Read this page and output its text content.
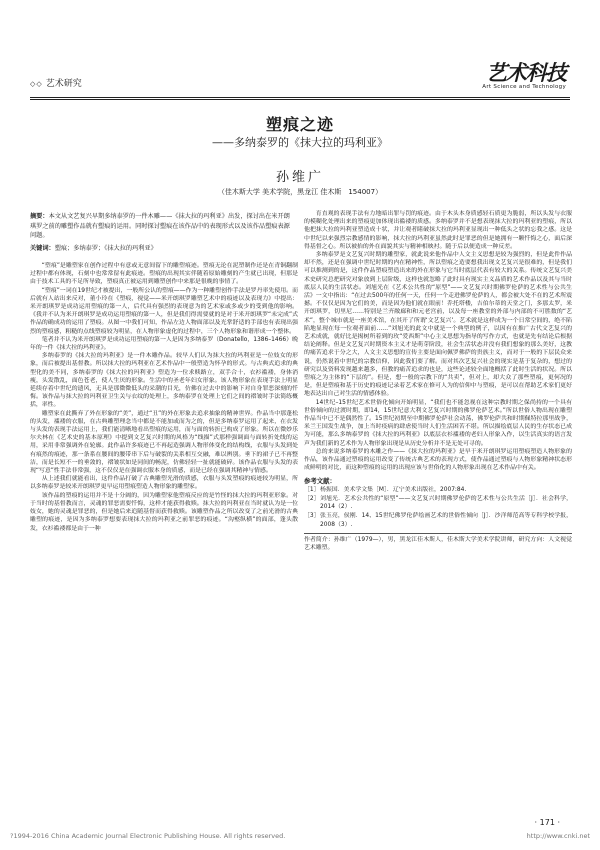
◇◇ 艺术研究	艺术科技
Art Science and Technology
塑痕之迹
——多纳泰罗的《抹大拉的玛利亚》
孙维广
（佳木斯大学 美术学院，黑龙江 佳木斯　154007）
摘要：本文从文艺复兴早期多纳泰罗的一件木雕——《抹大拉的玛利亚》出发，探讨出在米开朗琪罗之前的雕塑作品就有塑痕的运用。同时探讨塑痕在该作品中的表现形式以及该作品塑痕表源问题。
关键词：塑痕；多纳泰罗；《抹大拉的玛利亚》

“塑痕”是雕塑家在创作过程中有意或无意间留下的雕塑痕迹。塑痕无论在泥塑制作还是在青铜翻制过程中都有体现，石刻中也常常留有此痕迹。塑痕的出现其实伴随着原始雕刻的产生就已出现，但那是由于技术工具的不足所导致，塑痕真正被运用到雕塑创作中来那是很晚的事情了。

“塑痕”一词在19世纪才被提出，一般所公认的塑痕——作为一种雕塑创作手法是罗丹率先使用。而后就有人站出来反对，董小玲在《塑痕，视觉——米开朗琪罗雕塑艺术中的痕迹以及表现力》中提出：米开朗琪罗是成功运用塑痕的第一人，后代具有强烈的表现意为的艺术家或多或少的受到他的影响。《我并不认为米开朗琪罗是成功运用塑痕的第一人，但是我们得需要就的是对于米开朗琪罗“未完成”式作品的确成功的运用了塑痕。从图一中我们可知，作品左边人物面部以及光掌舒适的手部也有表现出强烈的塑痕感，粗糙的点线塑痕较为明显，在人物形象虚化的过程中，三个人物形象和谐形成一个整体。

笔者并不认为米开朗琪罗是成功运用塑痕的第一人是因为多纳泰罗（Donatello，1386–1466）晚年的一件《抹大拉的玛利亚》。

多纳泰罗的《抹大拉的玛利亚》是一件木雕作品。较早人们认为抹大拉的玛利亚是一位妓女的形象，而后被提出基督教。所以抹大拉的玛利亚在艺术作品中一般塑造为怀孕的形式。与古典式追求的典型化的美不同，多纳泰罗的《抹大拉的玛利亚》塑造为一位求赎路立，双手合十，衣衫褴褛，身体消瘦，头发散乱，面色苍老，使人生厌的形象。生活中的圣老年妇女形象。该人物形象在表现手法上明显延续存着中世纪的遗风，无具是那微微低头的采潮的目光，仿佛在过去中的影响下对自身罪恶深刻的忏悔。该作品与抹大拉的玛利亚卫生关与衣纹的处理上，多纳泰罗在处理上它们之间的褶皱时手法简练概括，率性。

雕塑家在此撕弃了外在形象的“美”，通过“丑”的外在形象去追求抽象的精神世界。作品当中那蓬松的头发，褴褛的衣服，在古典雕塑理念当中都是不能加或而为之的，但是多纳泰罗运用了起来，在衣发与头发的表现手法运用上，我们能清晰地看出塑痕的运用，而与面的转折已构成了形象。所以在微妙乐尔夫林在《艺术史的基本原理》中提到文艺复兴时期的风格为“线描”式那样强调面与面转折处线的运用，采用非常强调外在轮廓。此作品许多痕迹已不再起造强调人物形体变化的结构线，衣服与头发到处有痕然的痕迹，那一条系在腰间的腰带串下后与破裂的关系相互交融，难以辨别。垂下的裙子已不再整洁，而是长短不一的垂敛的，褶皱状如是同间的畅泥，仿佛轻轻一扯就能破碎。该作品衣服与头发的表现“写意”性手法非常强，这不仅仅是在强调衣服本身的质感，而是已经在强调其精神与情感。

从上述我们就能看出，这件作品打破了古典雕塑光滑的质感，衣服与头发塑痕的痕迹较为明显，所以多纳泰罗是较米开朗琪罗更早运用塑痕塑造人物形象的雕塑家。

该作品的塑痕的运用并不是十分阔的，因为雕塑家他塑痕反应的是竹怪的抹大拉的玛利亚形象。对于当时的基督教而言，灵魂的罪恶需要忏悔，这样才能获得救赎。抹大拉的玛利亚在当时就认为是一位妓女，她的灵魂是罪恶的，但是她后来追随基督而获得救赎。该雕塑作品之所以改变了之前光滑的古典雕塑的痕迹，是因为多纳泰罗想要表现抹大拉的玛利亚之前罪恶的痕迹。“沟壑纵横”的面部，蓬头散发，衣衫褴褛都是由于一种

育直观的表现手法有力地暗出罪与罚的痕迹。由于木头本身质感轻石质更为脆弱，所以头发与衣服的模糊化处理出来的塑痕更加体现出褴褛的质感。多纳泰罗并不是想表现抹大拉的玛利亚的塑痕，所以他把抹大拉的玛利亚塑造成十状，并让观者睹破抹大拉的玛利亚显现出一种低头之状的忘我之感。这是中世纪以来强烈宗教感情的影响，抹大拉的玛利亚虽然此时是罪恶的但是她拥有一颗忏悔之心，面后深得基督之心。所以被抬的外在面貌其实与精神相映衬。随于后以便造成一种反差。

多纳泰罗是文艺复兴时期的雕塑家，就此说来他作品中人文主义思想是较为强烈的，但是此件作品却不然，还是在强调中世纪时期的内在精神性，所以塑痕之造要想我出现文艺复兴是很难的，但是我们可以推测到的是，这件作品塑痕塑造出来的外在形象与它当时底层代表有较大的关系。传统文艺复兴美术史研究总把研究对象放到上层阶级，这样也就忽略了此时具有现实主义品质的艺术作品以及其与当时底层人民的生活状态。刘旭光在《艺术公共性的“原型”——文艺复兴时期佛罗伦萨的艺术性与公共生活》一文中指出：“在过去500年的任何一天，任何一个走进佛罗伦萨的人，都会被大处不在的艺术所震撼。不仅仅是因为它们的美，而是因为他们就在眼前！乔托塔楼，吉伯尔蒂的天堂之门，多那太罗，米开朗琪罗，切里尼……特别是兰齐敞廊和和元老宫前，以及每一座教堂的外部与内部的不可胜数的“艺术”，整个城市就是一座美术馆，在其开了所谓‘文艺复兴’。艺术就是这样成为一个日常空间的，绝不陷陷地显现在每一位观者面前……”刘旭光的此文中就是一个典型的例子，以因有在推广古代文艺复兴的艺术成就，就好比是揭树所着到的玫“爱西斯”中心主义思想为指导的写作方式，也就是先有结论后根据结论阐释。但是文艺复兴时期资本主义才是萌芽阶段，社会生活状态并没有我们想象的那么美好，这教的痛苦追求于分之大，人文主义思想的宣传主要是面向佩罗佛萨的贵族主义，而对于一般的下层民众来说，仍然说着中世纪的宗教信仰，因此我们要了解。而对其次艺复兴社会的现实是基于复杂的，想过的研究以及资料发现越来越多，但教的痛苦追求的也是，这些论述较全面地概括了此时生活的状况。所以塑痕之为主体的“下层的”。但是，想一般的宗教下的“共卖”，但对上，却大众了那些塑痕，更何况的是，但是塑痕和基于历史的痕迹记录着艺术家在修可人为的信仰中与塑痕，是可以在帮助艺术家们更好地表达出自己对生活的情感体验。

14世纪–15世纪艺术世俗化倾向开始明显，“我们也不能忽视在这种宗教时期之保尚持的一个具有世俗倾向的过渡时期，即14，15世纪意大利文艺复兴时期的佛罗伦萨艺术。”所以世俗人物出现在雕塑作品当中已不是偶然性了。15世纪初期至中期佛罗伦萨社会动荡，佛罗伦萨共和时期佩特拉那里战争，米兰王国发生战争，加上当时疫病的肆虐使当时人们生活困苦不堪。所以描绘底层人民的生存状态已成为可能，那么多纳泰罗的《抹大拉的玛利亚》以底层衣衫褴褛的老妇人形象入作，以生活真实的语言发声为我们新的艺术作为人物形象出现是从历史分析并不是无处可寻的。

总的来说多纳泰罗的木雕之作——《抹大拉的玛利亚》是早于米开朗琪罗运用塑痕塑造人物形象的作品，该作品通过塑痕的运用改变了传统古典艺术的表现方式，使作品通过塑痕与人物形象精神状态形成鲜明的对比，而这种塑痕的运用的出现应该与世俗化的人物形象出现在艺术作品中有关。

参考文献：
［1］ 杨振国．美术学文集［M］．辽宁美术出版社，2007:84.
［2］ 刘旭光．艺术公共性的“原型”——文艺复兴时期佛罗伦萨的艺术性与公共生活［J］．社会科学，2014（2）.
［3］ 张玉亮，侯刚．14、15世纪佛罗伦萨绘画艺术的世俗性倾向［J］．沙洋师范高等专科学校学报，2008（3）.
作者简介：孙维广（1979—），男，黑龙江佳木斯人，佳木斯大学美术学院讲师，研究方向：人文视觉艺术雕塑。
· 171 ·
?1994-2016 China Academic Journal Electronic Publishing House. All rights reserved.	http://www.cnki.net
